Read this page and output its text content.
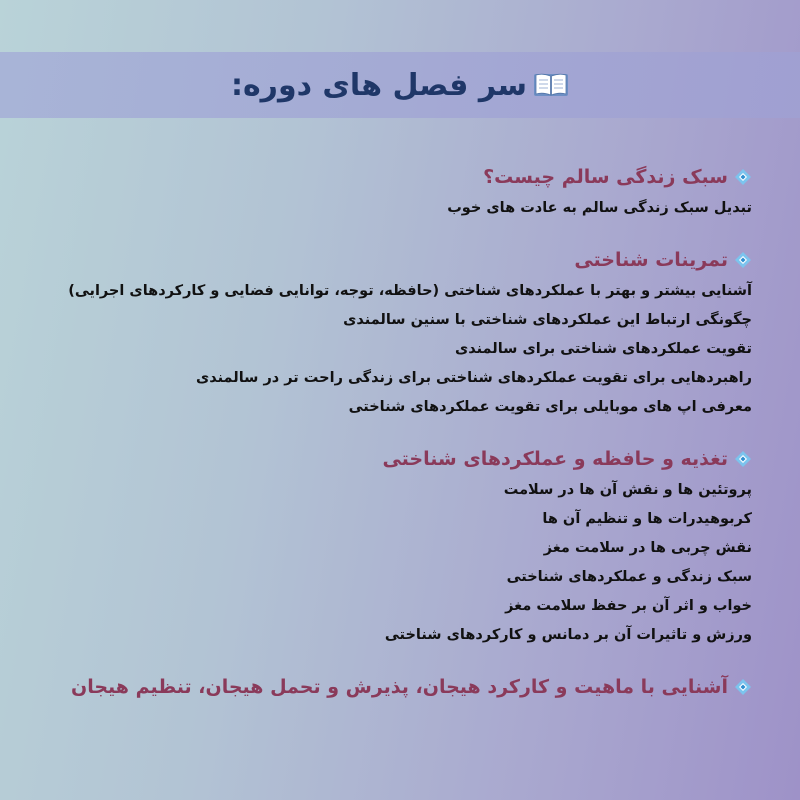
سر فصل های دوره:
سبک زندگی سالم چیست؟
تبدیل سبک زندگی سالم به عادت های خوب
تمرینات شناختی
آشنایی بیشتر و بهتر با عملکردهای شناختی (حافظه، توجه، توانایی فضایی و کارکردهای اجرایی)
چگونگی ارتباط این عملکردهای شناختی با سنین سالمندی
تقویت عملکردهای شناختی برای سالمندی
راهبردهایی برای تقویت عملکردهای شناختی برای زندگی راحت تر در سالمندی
معرفی اپ های موبایلی برای تقویت عملکردهای شناختی
تغذیه و حافظه و عملکردهای شناختی
پروتئین ها و نقش آن ها در سلامت
کربوهیدرات ها و تنظیم آن ها
نقش چربی ها در سلامت مغز
سبک زندگی و عملکردهای شناختی
خواب و اثر آن بر حفظ سلامت مغز
ورزش و تاثیرات آن بر دمانس و کارکردهای شناختی
آشنایی با ماهیت و کارکرد هیجان، پذیرش و تحمل هیجان، تنظیم هیجان
